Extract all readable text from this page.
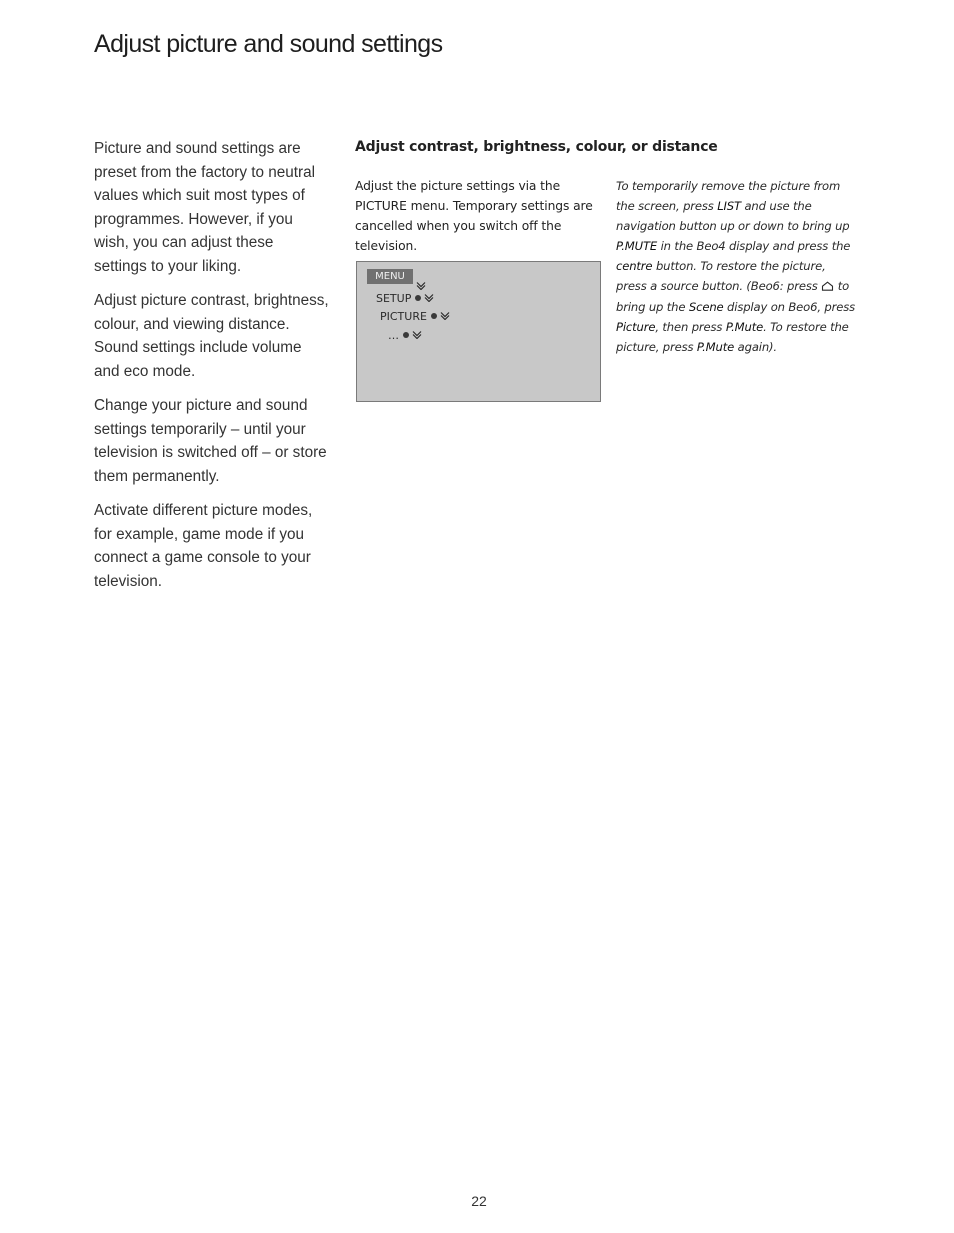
Adjust picture and sound settings

Picture and sound settings are preset from the factory to neutral values which suit most types of programmes. However, if you wish, you can adjust these settings to your liking.

Adjust picture contrast, brightness, colour, and viewing distance. Sound settings include volume and eco mode.

Change your picture and sound settings temporarily – until your television is switched off – or store them permanently.

Activate different picture modes, for example, game mode if you connect a game console to your television.

Adjust contrast, brightness, colour, or distance
Adjust the picture settings via the PICTURE menu. Temporary settings are cancelled when you switch off the television.
MENU
SETUP
PICTURE
…
To temporarily remove the picture from the screen, press LIST and use the navigation button up or down to bring up P.MUTE in the Beo4 display and press the centre button. To restore the picture, press a source button. (Beo6: press  to bring up the Scene display on Beo6, press Picture, then press P.Mute. To restore the picture, press P.Mute again).
22
